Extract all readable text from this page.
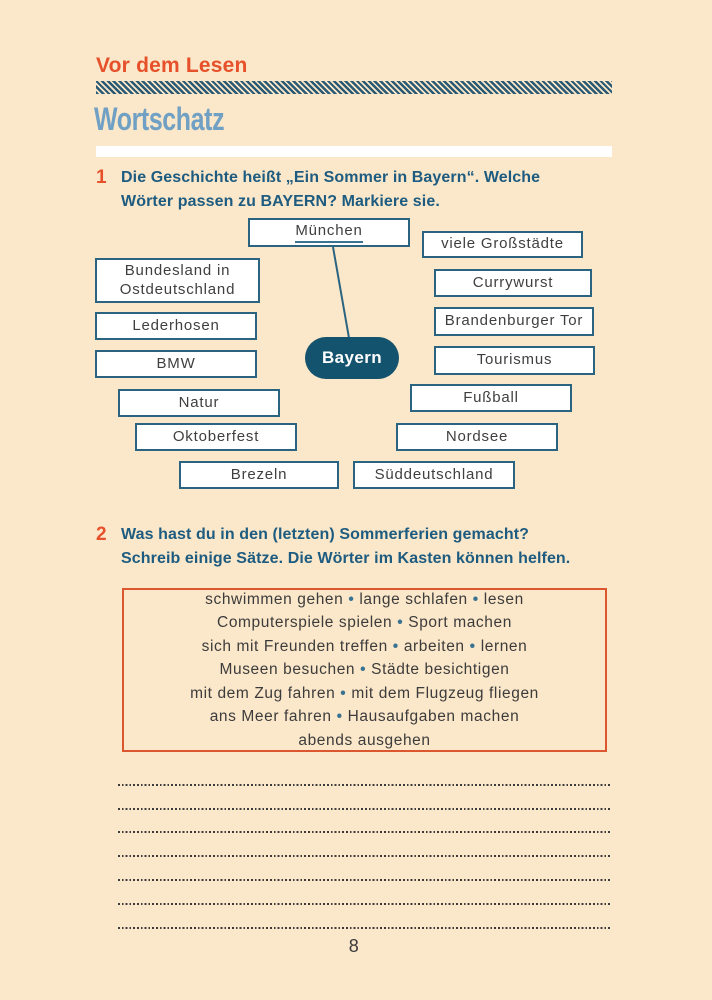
Vor dem Lesen
Wortschatz
1 Die Geschichte heißt „Ein Sommer in Bayern“. Welche
Wörter passen zu BAYERN? Markiere sie.
München
viele Großstädte
Bundesland in Ostdeutschland	Currywurst
Lederhosen	Brandenburger Tor
BMW	Tourismus
Natur	Fußball
Oktoberfest	Nordsee
Brezeln	Süddeutschland
Bayern
2 Was hast du in den (letzten) Sommerferien gemacht?
Schreib einige Sätze. Die Wörter im Kasten können helfen.
schwimmen gehen • lange schlafen • lesen
Computerspiele spielen • Sport machen
sich mit Freunden treffen • arbeiten • lernen
Museen besuchen • Städte besichtigen
mit dem Zug fahren • mit dem Flugzeug fliegen
ans Meer fahren • Hausaufgaben machen
abends ausgehen
8
